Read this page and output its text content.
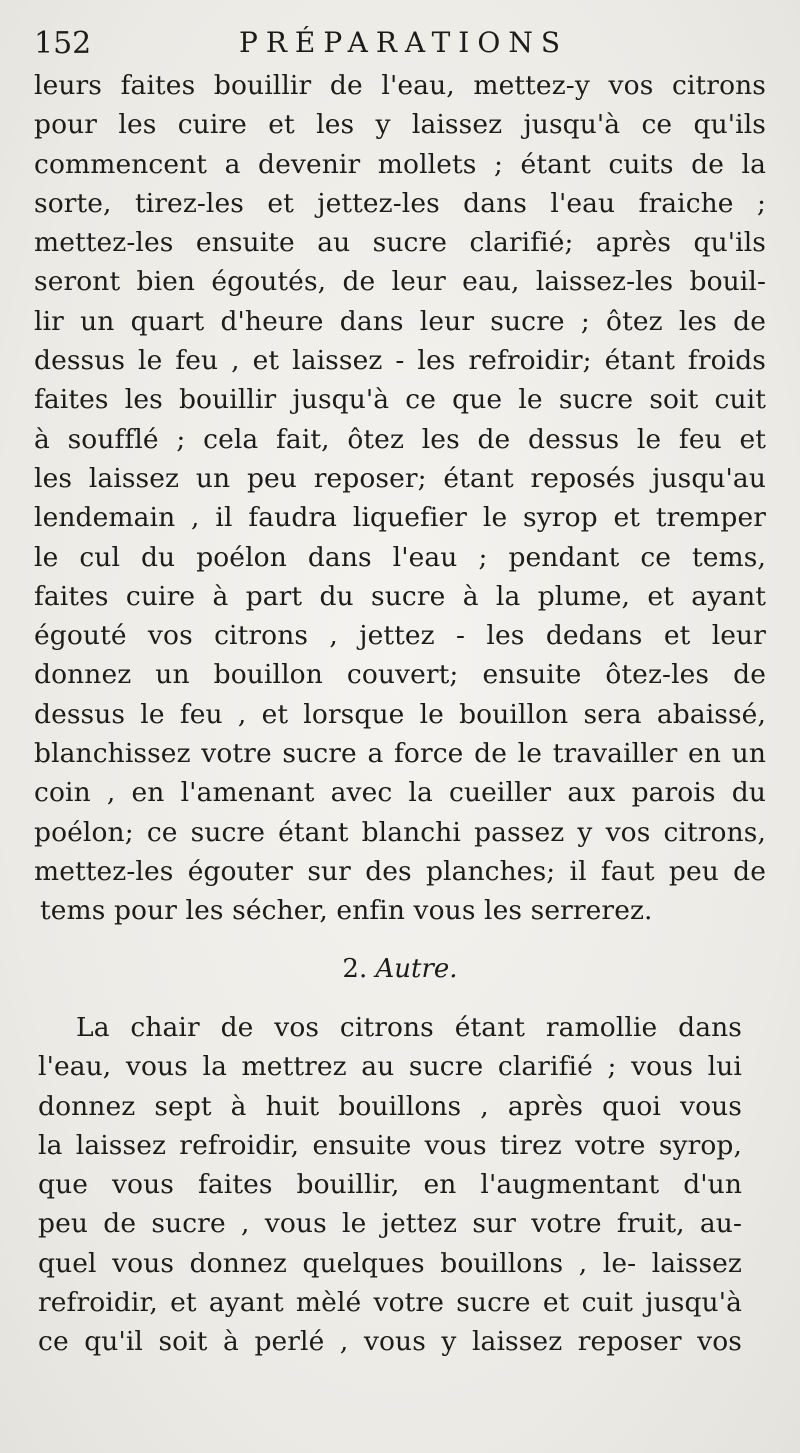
152	PRÉPARATIONS
leurs faites bouillir de l'eau, mettez-y vos citrons
pour les cuire et les y laissez jusqu'à ce qu'ils
commencent a devenir mollets ; étant cuits de la
sorte, tirez-les et jettez-les dans l'eau fraiche ;
mettez-les ensuite au sucre clarifié; après qu'ils
seront bien égoutés, de leur eau, laissez-les bouil-
lir un quart d'heure dans leur sucre ; ôtez les de
dessus le feu , et laissez - les refroidir; étant froids
faites les bouillir jusqu'à ce que le sucre soit cuit
à soufflé ; cela fait, ôtez les de dessus le feu et
les laissez un peu reposer; étant reposés jusqu'au
lendemain , il faudra liquefier le syrop et tremper
le cul du poélon dans l'eau ; pendant ce tems,
faites cuire à part du sucre à la plume, et ayant
égouté vos citrons , jettez - les dedans et leur
donnez un bouillon couvert; ensuite ôtez-les de
dessus le feu , et lorsque le bouillon sera abaissé,
blanchissez votre sucre a force de le travailler en un
coin , en l'amenant avec la cueiller aux parois du
poélon; ce sucre étant blanchi passez y vos citrons,
mettez-les égouter sur des planches; il faut peu de
tems pour les sécher, enfin vous les serrerez.
2. Autre.
La chair de vos citrons étant ramollie dans
l'eau, vous la mettrez au sucre clarifié ; vous lui
donnez sept à huit bouillons , après quoi vous
la laissez refroidir, ensuite vous tirez votre syrop,
que vous faites bouillir, en l'augmentant d'un
peu de sucre , vous le jettez sur votre fruit, au-
quel vous donnez quelques bouillons , le- laissez
refroidir, et ayant mèlé votre sucre et cuit jusqu'à
ce qu'il soit à perlé , vous y laissez reposer vos
